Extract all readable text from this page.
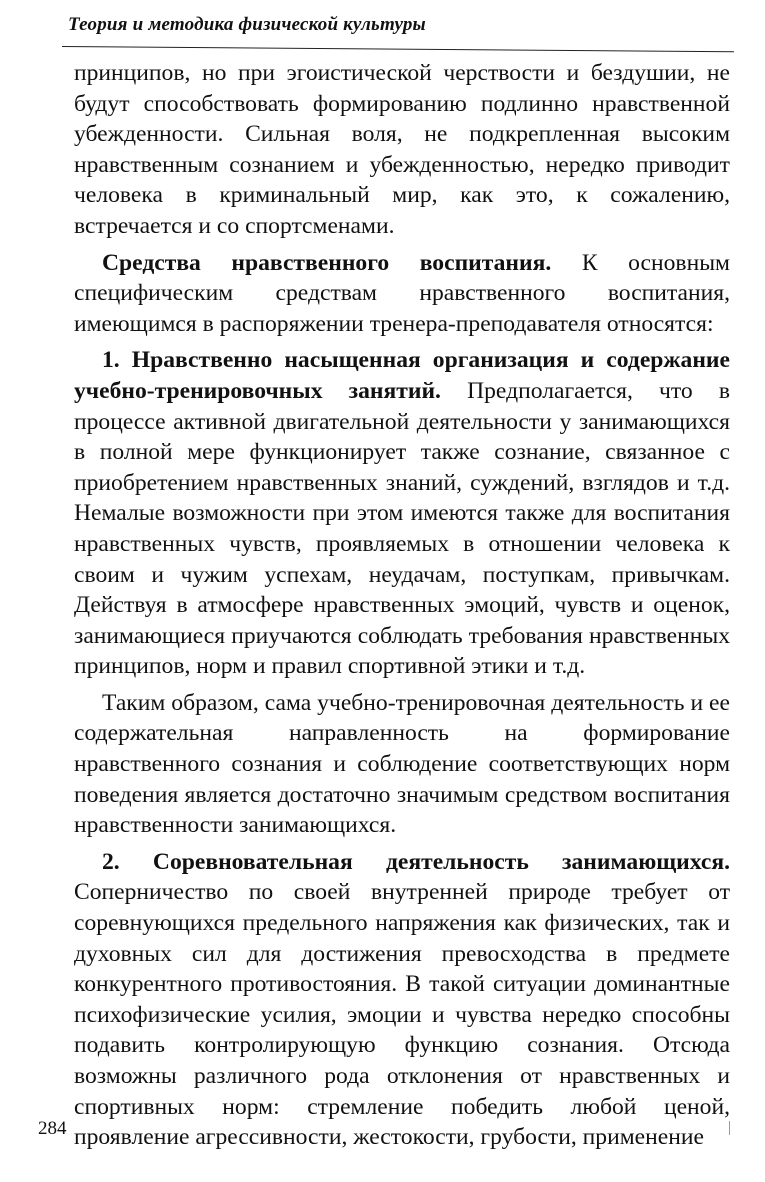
Теория и методика физической культуры

принципов, но при эгоистической черствости и бездушии, не будут способствовать формированию подлинно нравственной убежденности. Сильная воля, не подкрепленная высоким нравственным сознанием и убежденностью, нередко приводит человека в криминальный мир, как это, к сожалению, встречается и со спортсменами.

Средства нравственного воспитания. К основным специфическим средствам нравственного воспитания, имеющимся в распоряжении тренера-преподавателя относятся:

1. Нравственно насыщенная организация и содержание учебно-тренировочных занятий. Предполагается, что в процессе активной двигательной деятельности у занимающихся в полной мере функционирует также сознание, связанное с приобретением нравственных знаний, суждений, взглядов и т.д. Немалые возможности при этом имеются также для воспитания нравственных чувств, проявляемых в отношении человека к своим и чужим успехам, неудачам, поступкам, привычкам. Действуя в атмосфере нравственных эмоций, чувств и оценок, занимающиеся приучаются соблюдать требования нравственных принципов, норм и правил спортивной этики и т.д.

Таким образом, сама учебно-тренировочная деятельность и ее содержательная направленность на формирование нравственного сознания и соблюдение соответствующих норм поведения является достаточно значимым средством воспитания нравственности занимающихся.

2. Соревновательная деятельность занимающихся. Соперничество по своей внутренней природе требует от соревнующихся предельного напряжения как физических, так и духовных сил для достижения превосходства в предмете конкурентного противостояния. В такой ситуации доминантные психофизические усилия, эмоции и чувства нередко способны подавить контролирующую функцию сознания. Отсюда возможны различного рода отклонения от нравственных и спортивных норм: стремление победить любой ценой, проявление агрессивности, жестокости, грубости, применение

284
